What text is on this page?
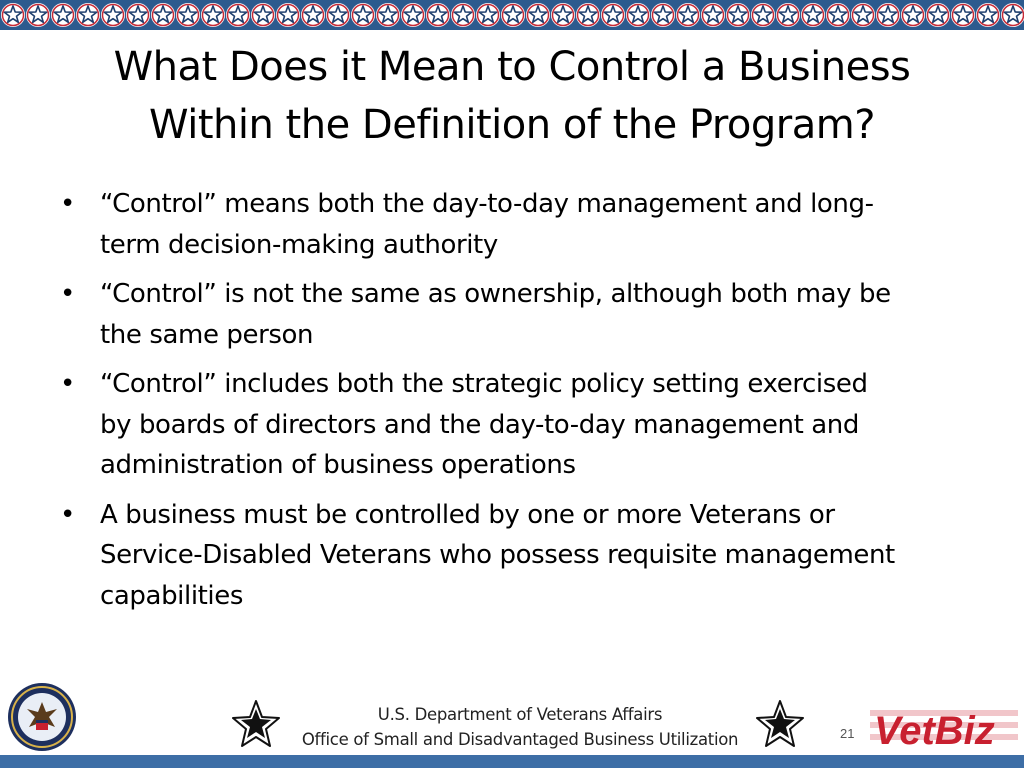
What Does it Mean to Control a Business
Within the Definition of the Program?
• “Control” means both the day-to-day management and long-
term decision-making authority
• “Control” is not the same as ownership, although both may be
the same person
• “Control” includes both the strategic policy setting exercised
by boards of directors and the day-to-day management and
administration of business operations
• A business must be controlled by one or more Veterans or
Service-Disabled Veterans who possess requisite management
capabilities
U.S. Department of Veterans Affairs
Office of Small and Disadvantaged Business Utilization	21 VetBiz
